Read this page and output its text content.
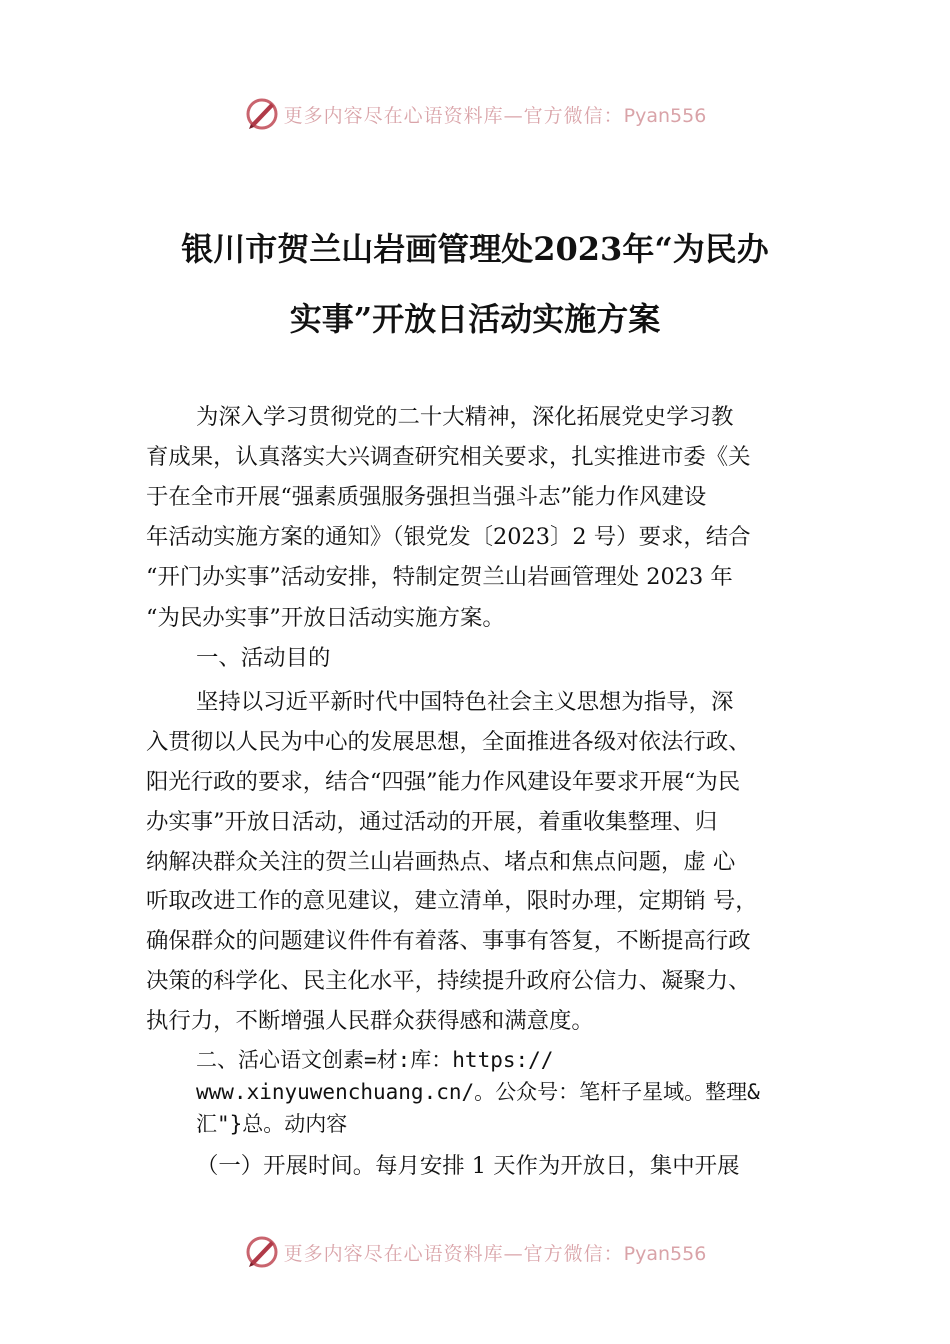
更多内容尽在心语资料库—官方微信：Pyan556
银川市贺兰山岩画管理处2023年“为民办
实事”开放日活动实施方案
为深入学习贯彻党的二十大精神，深化拓展党史学习教
育成果，认真落实大兴调查研究相关要求，扎实推进市委《关
于在全市开展“强素质强服务强担当强斗志”能力作风建设
年活动实施方案的通知》（银党发〔2023〕2 号）要求，结合
“开门办实事”活动安排，特制定贺兰山岩画管理处 2023 年
“为民办实事”开放日活动实施方案。
一、活动目的
坚持以习近平新时代中国特色社会主义思想为指导，深
入贯彻以人民为中心的发展思想，全面推进各级对依法行政、
阳光行政的要求，结合“四强”能力作风建设年要求开展“为民
办实事”开放日活动，通过活动的开展，着重收集整理、归
纳解决群众关注的贺兰山岩画热点、堵点和焦点问题，虚 心
听取改进工作的意见建议，建立清单，限时办理，定期销 号，
确保群众的问题建议件件有着落、事事有答复，不断提高行政
决策的科学化、民主化水平，持续提升政府公信力、凝聚力、
执行力，不断增强人民群众获得感和满意度。
二、活心语文创素=材:库：https://
www.xinyuwenchuang.cn/。公众号：笔杆子星域。整理&
汇"}总。动内容
（一）开展时间。每月安排 1 天作为开放日，集中开展
更多内容尽在心语资料库—官方微信：Pyan556
